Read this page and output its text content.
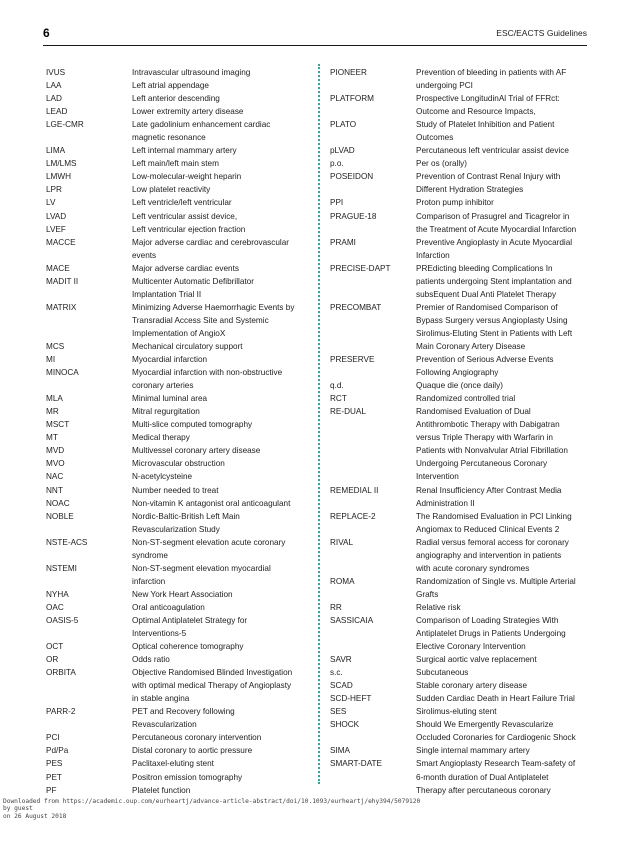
6	ESC/EACTS Guidelines
IVUS	Intravascular ultrasound imaging
LAA	Left atrial appendage
LAD	Left anterior descending
LEAD	Lower extremity artery disease
LGE-CMR	Late gadolinium enhancement cardiac
magnetic resonance
LIMA	Left internal mammary artery
LM/LMS	Left main/left main stem
LMWH	Low-molecular-weight heparin
LPR	Low platelet reactivity
LV	Left ventricle/left ventricular
LVAD	Left ventricular assist device,
LVEF	Left ventricular ejection fraction
MACCE	Major adverse cardiac and cerebrovascular
events
MACE	Major adverse cardiac events
MADIT II	Multicenter Automatic Defibrillator
Implantation Trial II
MATRIX	Minimizing Adverse Haemorrhagic Events by
Transradial Access Site and Systemic
Implementation of AngioX
MCS	Mechanical circulatory support
MI	Myocardial infarction
MINOCA	Myocardial infarction with non-obstructive
coronary arteries
MLA	Minimal luminal area
MR	Mitral regurgitation
MSCT	Multi-slice computed tomography
MT	Medical therapy
MVD	Multivessel coronary artery disease
MVO	Microvascular obstruction
NAC	N-acetylcysteine
NNT	Number needed to treat
NOAC	Non-vitamin K antagonist oral anticoagulant
NOBLE	Nordic-Baltic-British Left Main
Revascularization Study
NSTE-ACS	Non-ST-segment elevation acute coronary
syndrome
NSTEMI	Non-ST-segment elevation myocardial
infarction
NYHA	New York Heart Association
OAC	Oral anticoagulation
OASIS-5	Optimal Antiplatelet Strategy for
Interventions-5
OCT	Optical coherence tomography
OR	Odds ratio
ORBITA	Objective Randomised Blinded Investigation
with optimal medical Therapy of Angioplasty
in stable angina
PARR-2	PET and Recovery following
Revascularization
PCI	Percutaneous coronary intervention
Pd/Pa	Distal coronary to aortic pressure
PES	Paclitaxel-eluting stent
PET	Positron emission tomography
PF	Platelet function
PIONEER	Prevention of bleeding in patients with AF
undergoing PCI
PLATFORM	Prospective LongitudinAl Trial of FFRct:
Outcome and Resource Impacts,
PLATO	Study of Platelet Inhibition and Patient
Outcomes
pLVAD	Percutaneous left ventricular assist device
p.o.	Per os (orally)
POSEIDON	Prevention of Contrast Renal Injury with
Different Hydration Strategies
PPI	Proton pump inhibitor
PRAGUE-18	Comparison of Prasugrel and Ticagrelor in
the Treatment of Acute Myocardial Infarction
PRAMI	Preventive Angioplasty in Acute Myocardial
Infarction
PRECISE-DAPT	PREdicting bleeding Complications In
patients undergoing Stent implantation and
subsEquent Dual Anti Platelet Therapy
PRECOMBAT	Premier of Randomised Comparison of
Bypass Surgery versus Angioplasty Using
Sirolimus-Eluting Stent in Patients with Left
Main Coronary Artery Disease
PRESERVE	Prevention of Serious Adverse Events
Following Angiography
q.d.	Quaque die (once daily)
RCT	Randomized controlled trial
RE-DUAL	Randomised Evaluation of Dual
Antithrombotic Therapy with Dabigatran
versus Triple Therapy with Warfarin in
Patients with Nonvalvular Atrial Fibrillation
Undergoing Percutaneous Coronary
Intervention
REMEDIAL II	Renal Insufficiency After Contrast Media
Administration II
REPLACE-2	The Randomised Evaluation in PCI Linking
Angiomax to Reduced Clinical Events 2
RIVAL	Radial versus femoral access for coronary
angiography and intervention in patients
with acute coronary syndromes
ROMA	Randomization of Single vs. Multiple Arterial
Grafts
RR	Relative risk
SASSICAIA	Comparison of Loading Strategies With
Antiplatelet Drugs in Patients Undergoing
Elective Coronary Intervention
SAVR	Surgical aortic valve replacement
s.c.	Subcutaneous
SCAD	Stable coronary artery disease
SCD-HEFT	Sudden Cardiac Death in Heart Failure Trial
SES	Sirolimus-eluting stent
SHOCK	Should We Emergently Revascularize
Occluded Coronaries for Cardiogenic Shock
SIMA	Single internal mammary artery
SMART-DATE	Smart Angioplasty Research Team-safety of
6-month duration of Dual Antiplatelet
Therapy after percutaneous coronary
Downloaded from https://academic.oup.com/eurheartj/advance-article-abstract/doi/10.1093/eurheartj/ehy394/5079120
by guest
on 26 August 2018
